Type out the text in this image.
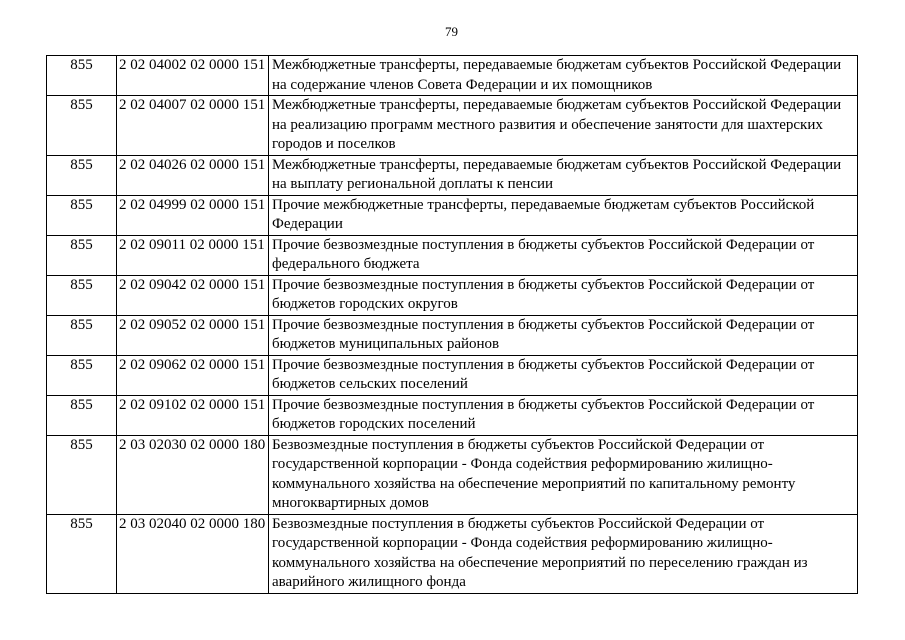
79
855	2 02 04002 02 0000 151	Межбюджетные трансферты, передаваемые бюджетам субъектов Российской Федерации
на содержание членов Совета Федерации и их помощников
855	2 02 04007 02 0000 151	Межбюджетные трансферты, передаваемые бюджетам субъектов Российской Федерации
на реализацию программ местного развития и обеспечение занятости для шахтерских
городов и поселков
855	2 02 04026 02 0000 151	Межбюджетные трансферты, передаваемые бюджетам субъектов Российской Федерации
на выплату региональной доплаты к пенсии
855	2 02 04999 02 0000 151	Прочие межбюджетные трансферты, передаваемые бюджетам субъектов Российской
Федерации
855	2 02 09011 02 0000 151	Прочие безвозмездные поступления в бюджеты субъектов Российской Федерации от
федерального бюджета
855	2 02 09042 02 0000 151	Прочие безвозмездные поступления в бюджеты субъектов Российской Федерации от
бюджетов городских округов
855	2 02 09052 02 0000 151	Прочие безвозмездные поступления в бюджеты субъектов Российской Федерации от
бюджетов муниципальных районов
855	2 02 09062 02 0000 151	Прочие безвозмездные поступления в бюджеты субъектов Российской Федерации от
бюджетов сельских поселений
855	2 02 09102 02 0000 151	Прочие безвозмездные поступления в бюджеты субъектов Российской Федерации от
бюджетов городских поселений
855	2 03 02030 02 0000 180	Безвозмездные поступления в бюджеты субъектов Российской Федерации от
государственной корпорации - Фонда содействия реформированию жилищно-
коммунального хозяйства на обеспечение мероприятий по капитальному ремонту
многоквартирных домов
855	2 03 02040 02 0000 180	Безвозмездные поступления в бюджеты субъектов Российской Федерации от
государственной корпорации - Фонда содействия реформированию жилищно-
коммунального хозяйства на обеспечение мероприятий по переселению граждан из
аварийного жилищного фонда
